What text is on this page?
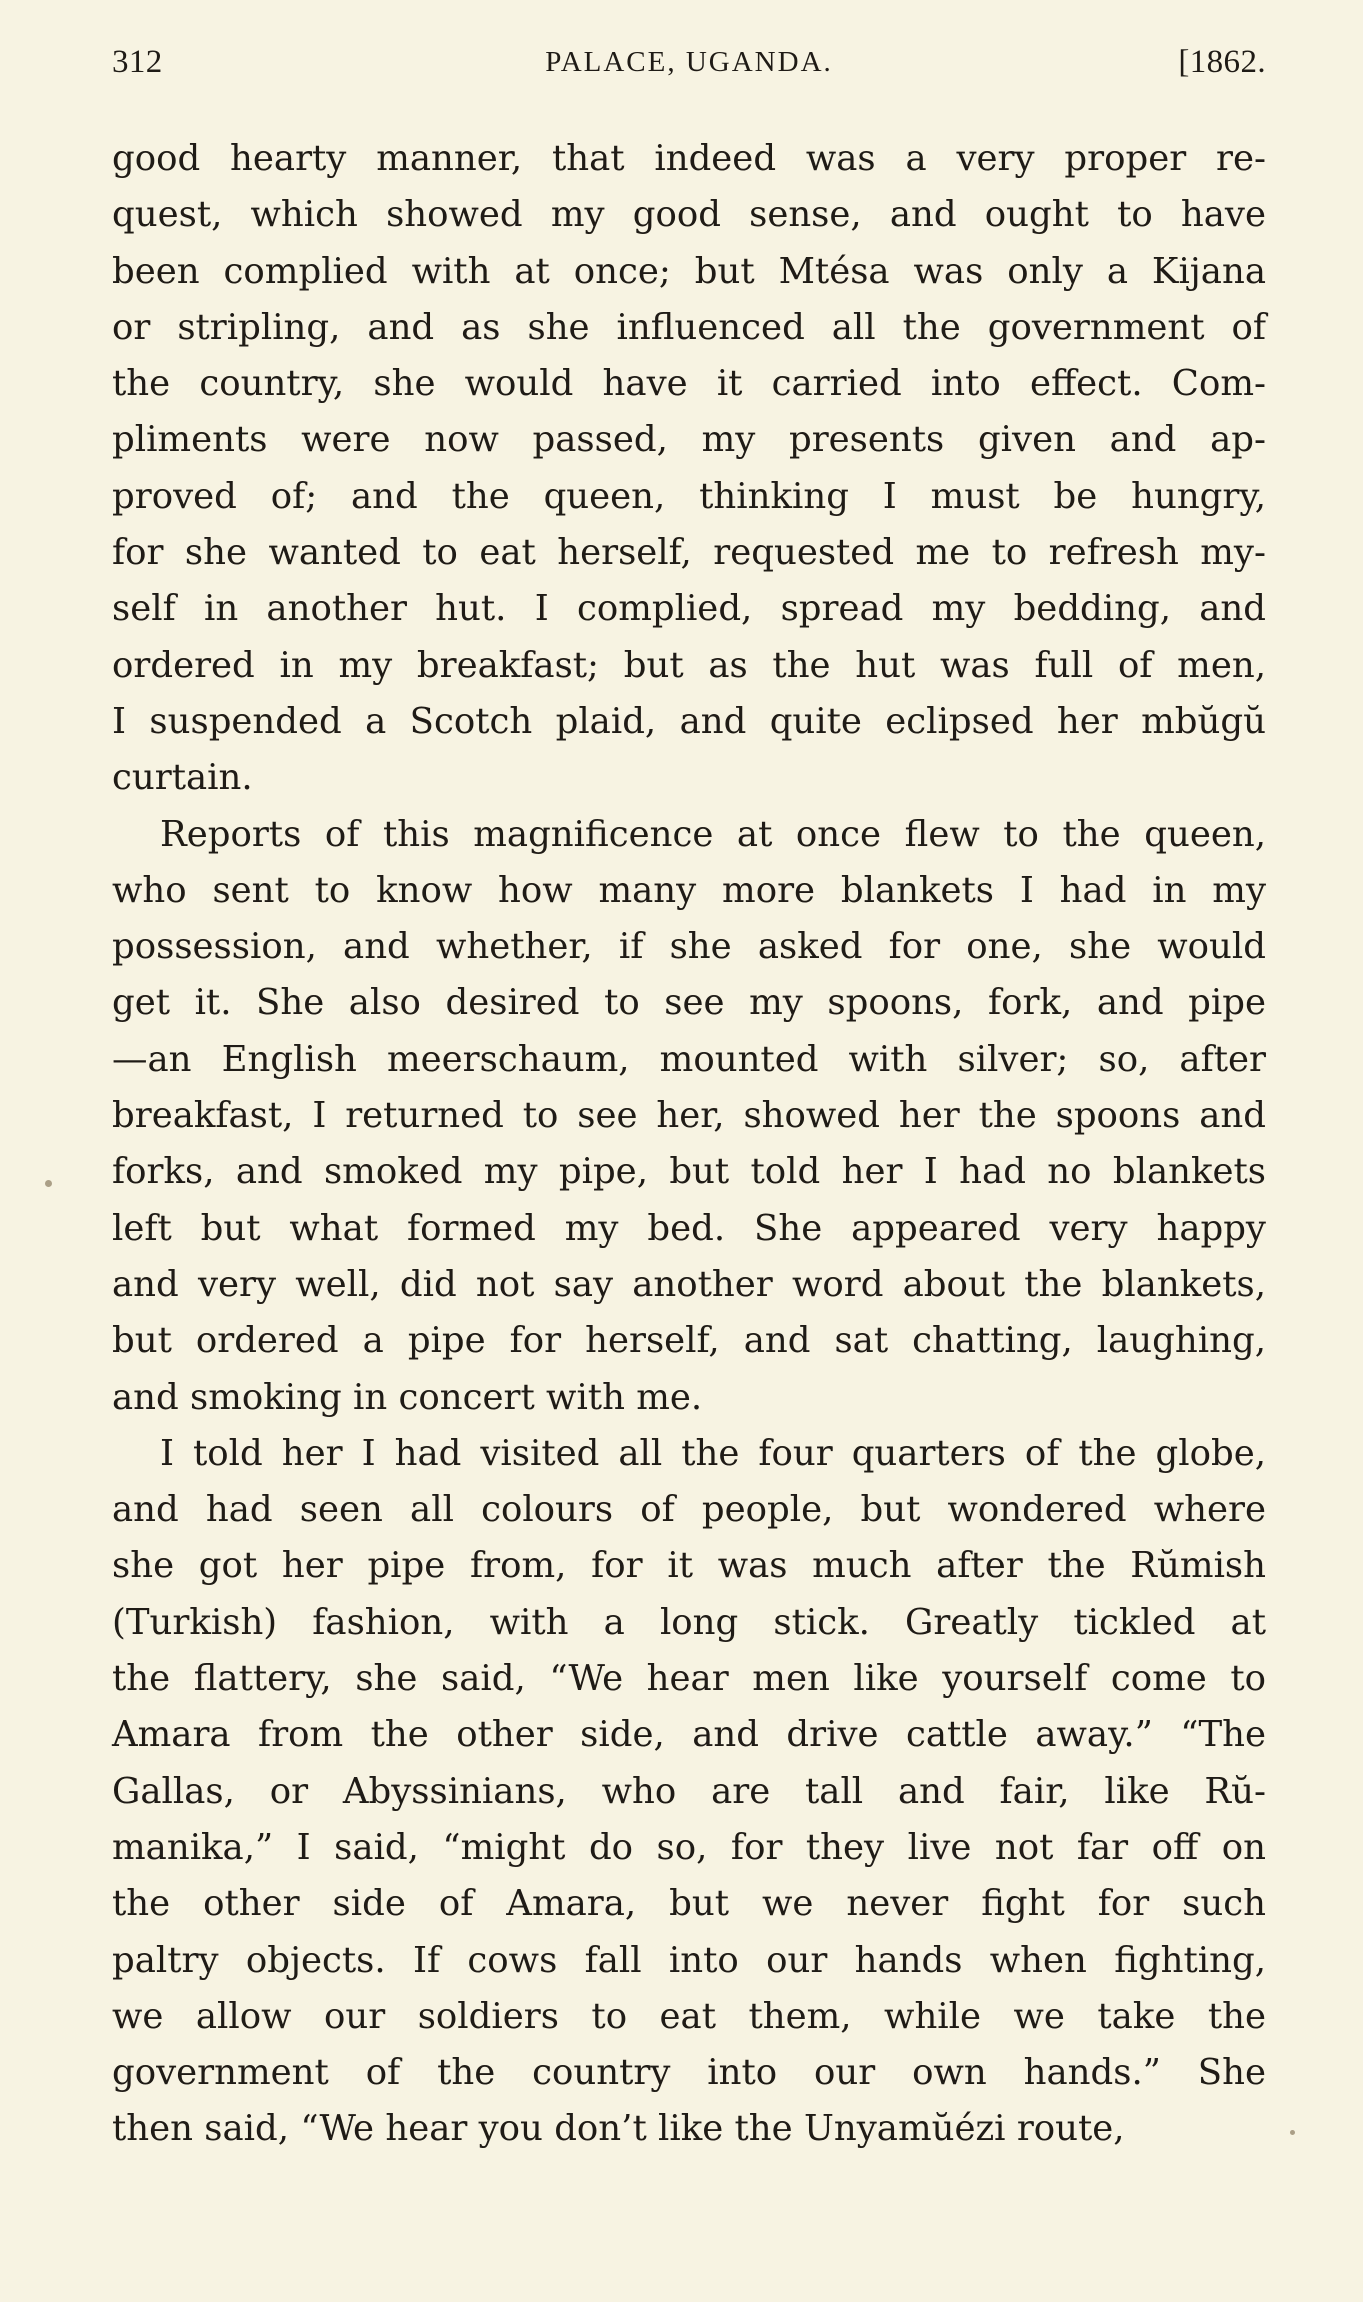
312	PALACE, UGANDA.	[1862.
good hearty manner, that indeed was a very proper re-
quest, which showed my good sense, and ought to have
been complied with at once; but Mtésa was only a Kijana
or stripling, and as she influenced all the government of
the country, she would have it carried into effect. Com-
pliments were now passed, my presents given and ap-
proved of; and the queen, thinking I must be hungry,
for she wanted to eat herself, requested me to refresh my-
self in another hut. I complied, spread my bedding, and
ordered in my breakfast; but as the hut was full of men,
I suspended a Scotch plaid, and quite eclipsed her mbŭgŭ
curtain.
Reports of this magnificence at once flew to the queen,
who sent to know how many more blankets I had in my
possession, and whether, if she asked for one, she would
get it. She also desired to see my spoons, fork, and pipe
—an English meerschaum, mounted with silver; so, after
breakfast, I returned to see her, showed her the spoons and
forks, and smoked my pipe, but told her I had no blankets
left but what formed my bed. She appeared very happy
and very well, did not say another word about the blankets,
but ordered a pipe for herself, and sat chatting, laughing,
and smoking in concert with me.
I told her I had visited all the four quarters of the globe,
and had seen all colours of people, but wondered where
she got her pipe from, for it was much after the Rŭmish
(Turkish) fashion, with a long stick. Greatly tickled at
the flattery, she said, “We hear men like yourself come to
Amara from the other side, and drive cattle away.” “The
Gallas, or Abyssinians, who are tall and fair, like Rŭ-
manika,” I said, “might do so, for they live not far off on
the other side of Amara, but we never fight for such
paltry objects. If cows fall into our hands when fighting,
we allow our soldiers to eat them, while we take the
government of the country into our own hands.” She
then said, “We hear you don’t like the Unyamŭézi route,
